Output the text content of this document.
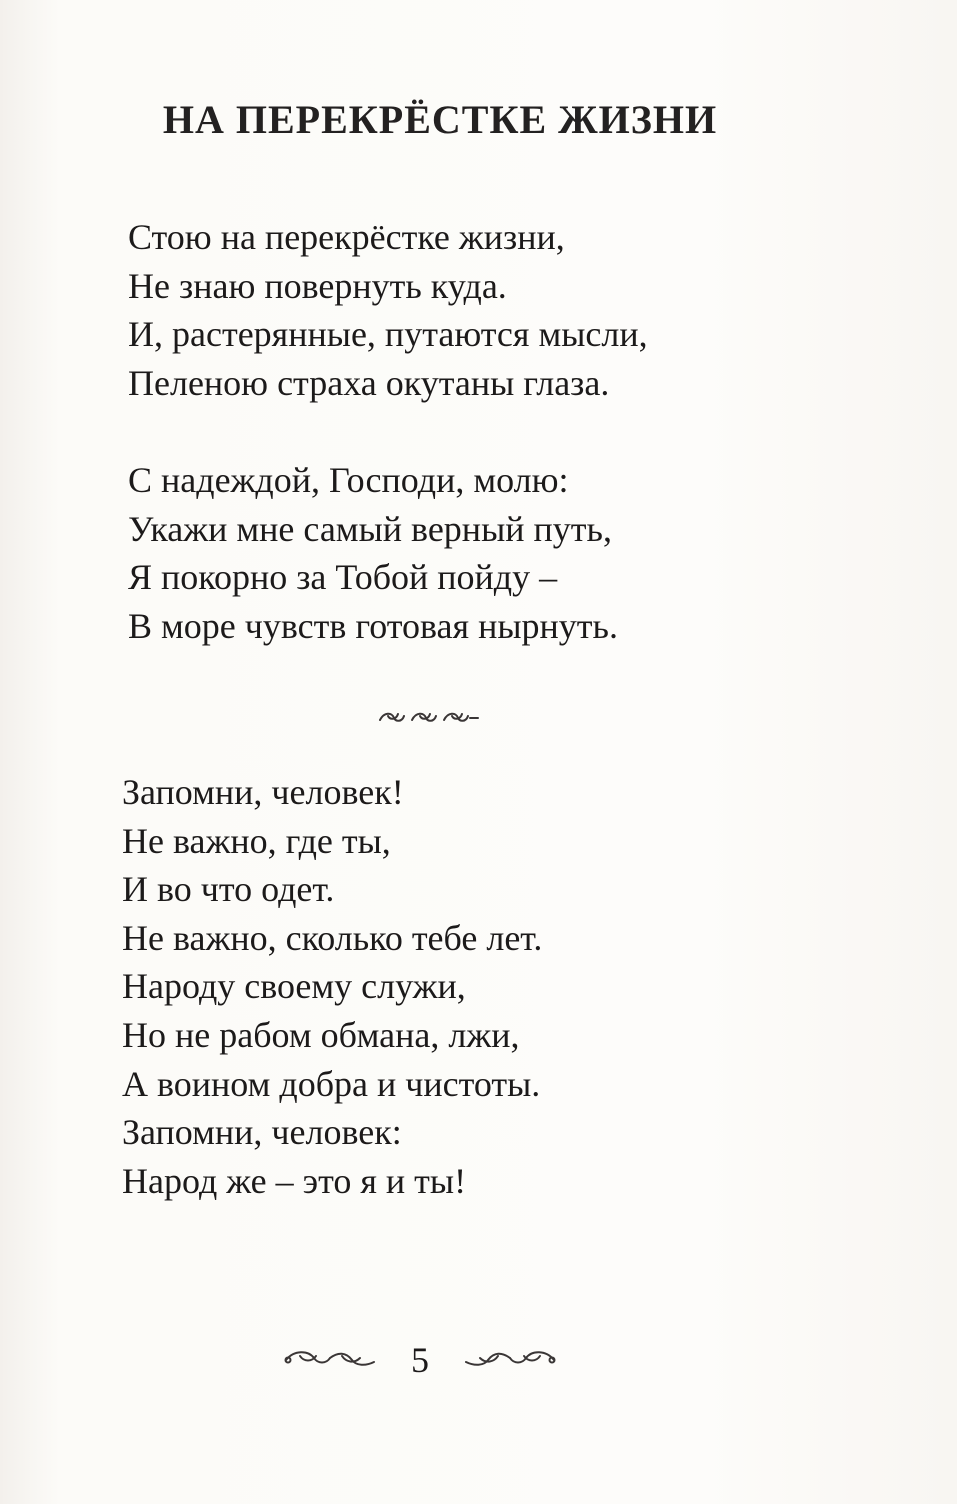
НА ПЕРЕКРЁСТКЕ ЖИЗНИ
Стою на перекрёстке жизни,
Не знаю повернуть куда.
И, растерянные, путаются мысли,
Пеленою страха окутаны глаза.
С надеждой, Господи, молю:
Укажи мне самый верный путь,
Я покорно за Тобой пойду –
В море чувств готовая нырнуть.
Запомни, человек!
Не важно, где ты,
И во что одет.
Не важно, сколько тебе лет.
Народу своему служи,
Но не рабом обмана, лжи,
А воином добра и чистоты.
Запомни, человек:
Народ же – это я и ты!
5
